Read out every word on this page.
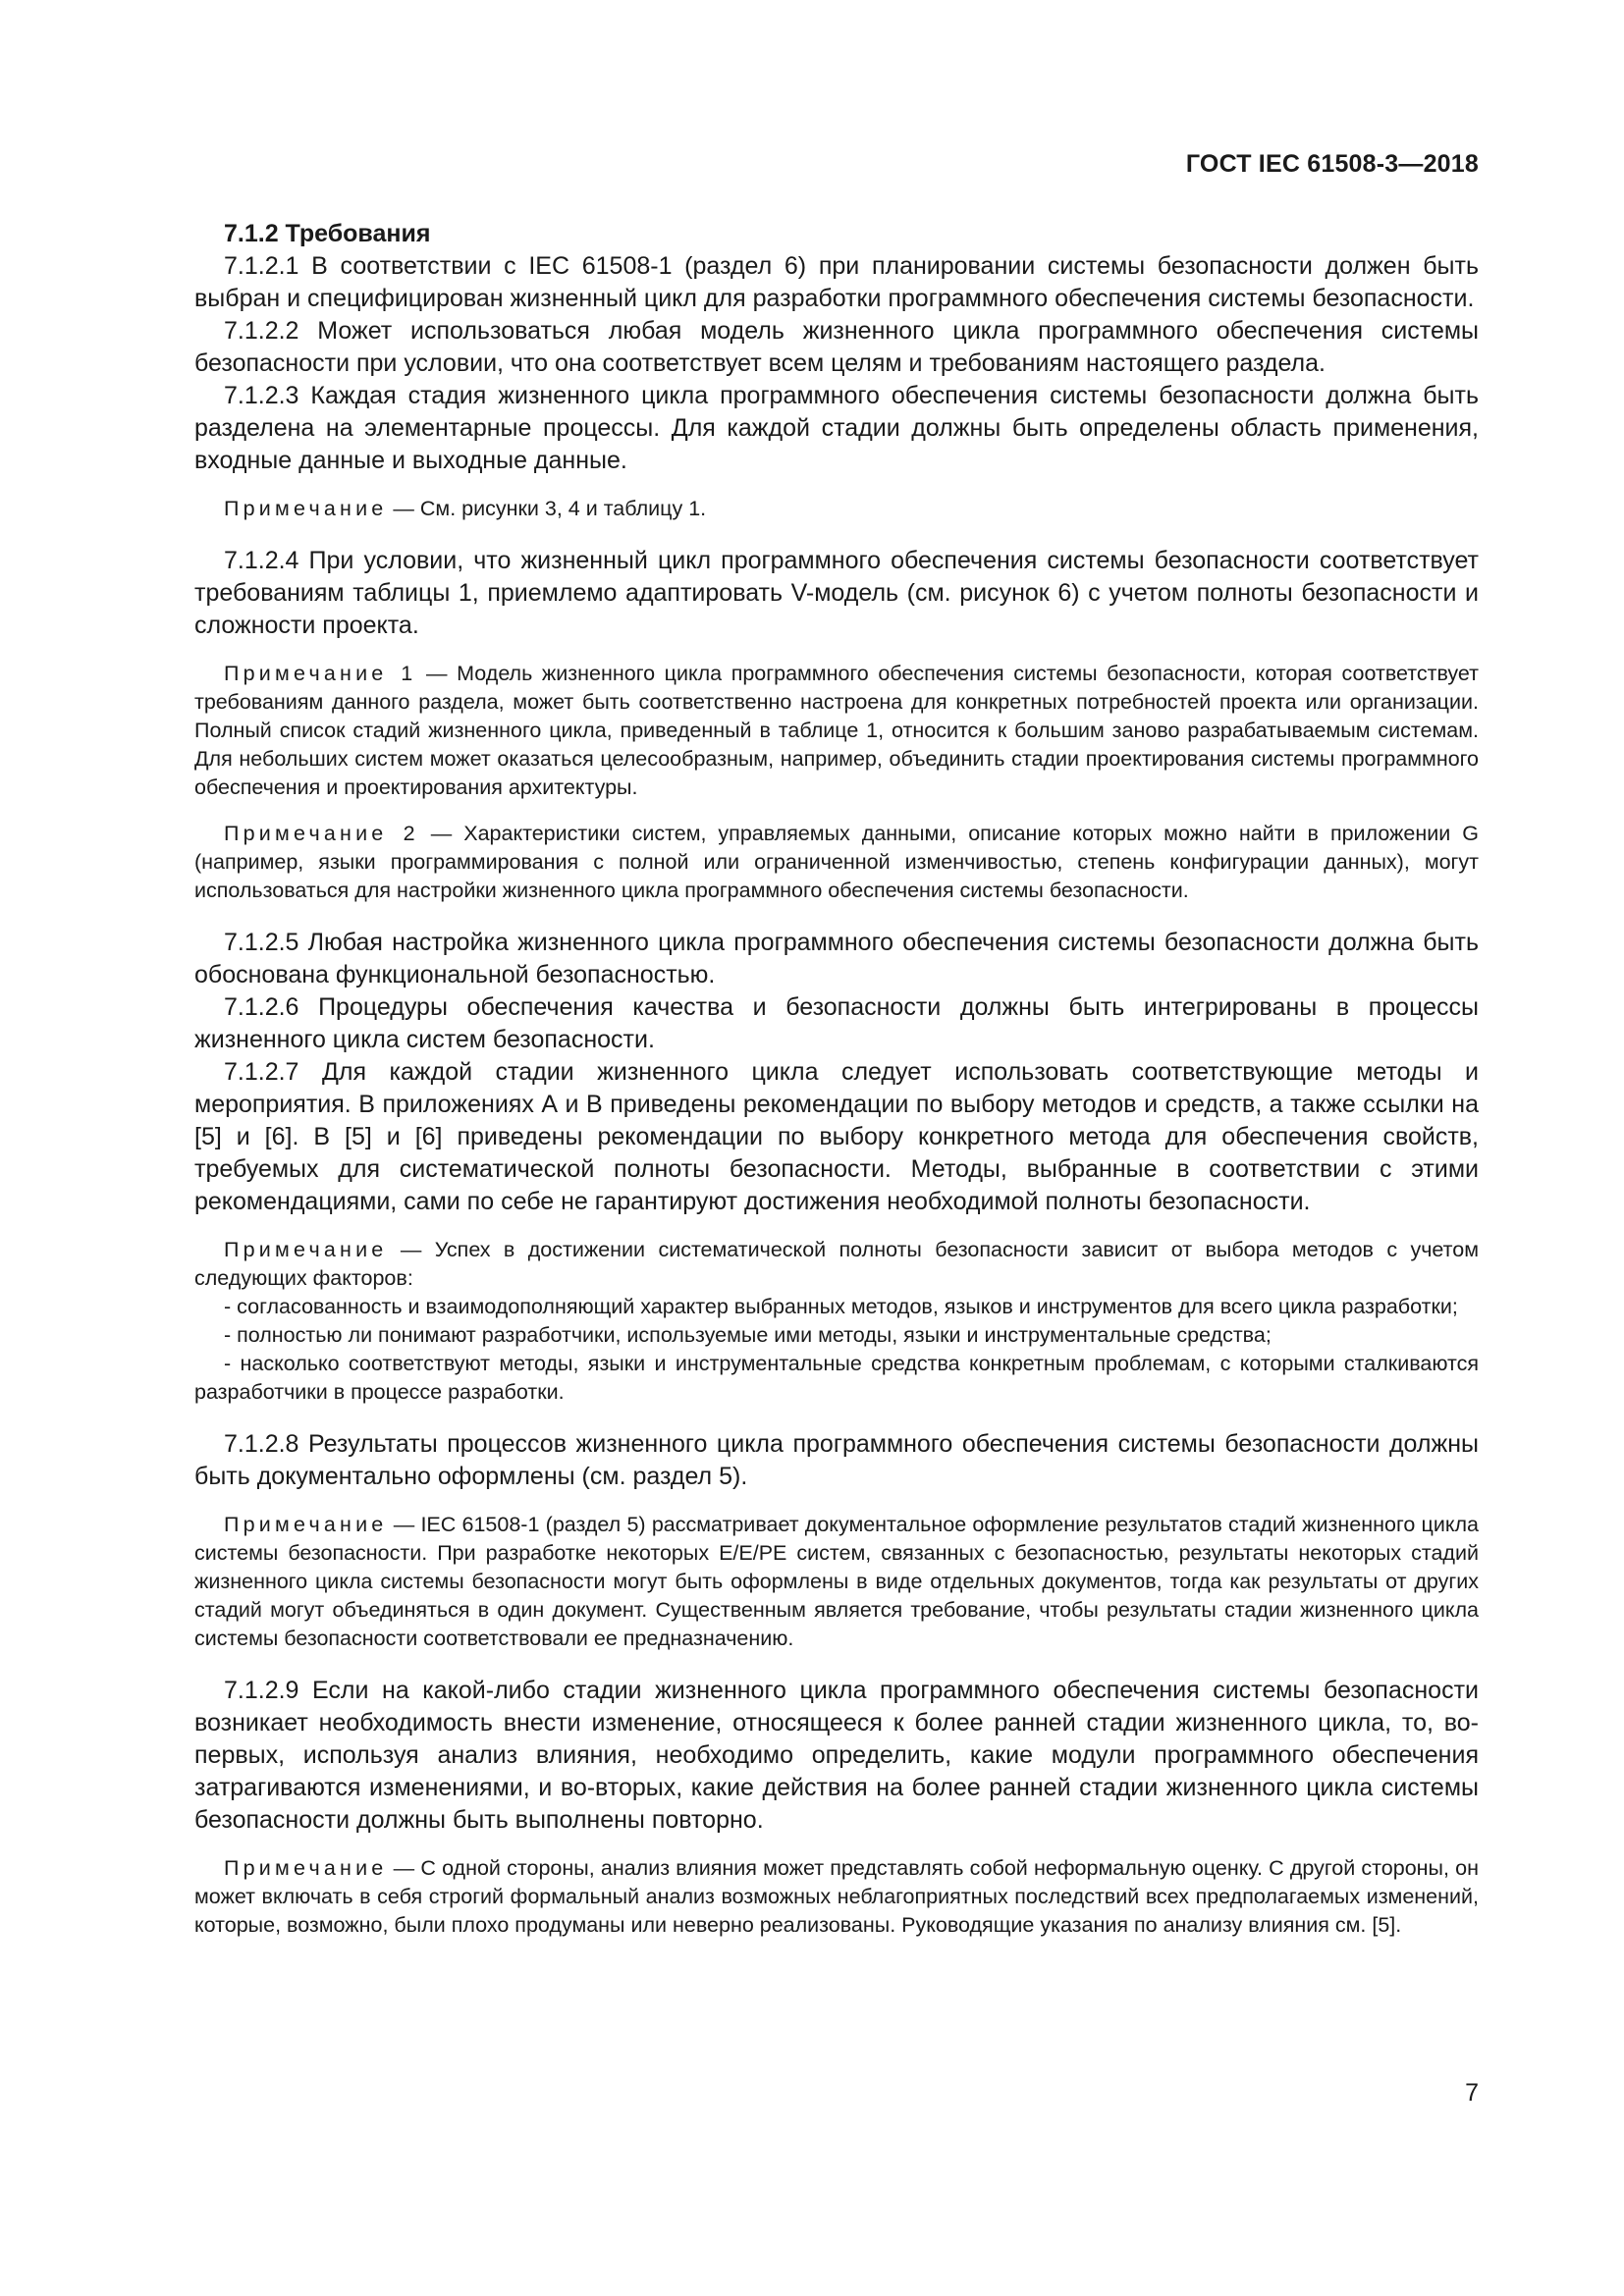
ГОСТ IEC 61508-3—2018

7.1.2 Требования

7.1.2.1 В соответствии с IEC 61508-1 (раздел 6) при планировании системы безопасности должен быть выбран и специфицирован жизненный цикл для разработки программного обеспечения системы безопасности.

7.1.2.2 Может использоваться любая модель жизненного цикла программного обеспечения системы безопасности при условии, что она соответствует всем целям и требованиям настоящего раздела.

7.1.2.3 Каждая стадия жизненного цикла программного обеспечения системы безопасности должна быть разделена на элементарные процессы. Для каждой стадии должны быть определены область применения, входные данные и выходные данные.

Примечание — См. рисунки 3, 4 и таблицу 1.

7.1.2.4 При условии, что жизненный цикл программного обеспечения системы безопасности соответствует требованиям таблицы 1, приемлемо адаптировать V-модель (см. рисунок 6) с учетом полноты безопасности и сложности проекта.

Примечание 1 — Модель жизненного цикла программного обеспечения системы безопасности, которая соответствует требованиям данного раздела, может быть соответственно настроена для конкретных потребностей проекта или организации. Полный список стадий жизненного цикла, приведенный в таблице 1, относится к большим заново разрабатываемым системам. Для небольших систем может оказаться целесообразным, например, объединить стадии проектирования системы программного обеспечения и проектирования архитектуры.

Примечание 2 — Характеристики систем, управляемых данными, описание которых можно найти в приложении G (например, языки программирования с полной или ограниченной изменчивостью, степень конфигурации данных), могут использоваться для настройки жизненного цикла программного обеспечения системы безопасности.

7.1.2.5 Любая настройка жизненного цикла программного обеспечения системы безопасности должна быть обоснована функциональной безопасностью.

7.1.2.6 Процедуры обеспечения качества и безопасности должны быть интегрированы в процессы жизненного цикла систем безопасности.

7.1.2.7 Для каждой стадии жизненного цикла следует использовать соответствующие методы и мероприятия. В приложениях А и В приведены рекомендации по выбору методов и средств, а также ссылки на [5] и [6]. В [5] и [6] приведены рекомендации по выбору конкретного метода для обеспечения свойств, требуемых для систематической полноты безопасности. Методы, выбранные в соответствии с этими рекомендациями, сами по себе не гарантируют достижения необходимой полноты безопасности.

Примечание — Успех в достижении систематической полноты безопасности зависит от выбора методов с учетом следующих факторов:

- согласованность и взаимодополняющий характер выбранных методов, языков и инструментов для всего цикла разработки;

- полностью ли понимают разработчики, используемые ими методы, языки и инструментальные средства;

- насколько соответствуют методы, языки и инструментальные средства конкретным проблемам, с которыми сталкиваются разработчики в процессе разработки.

7.1.2.8 Результаты процессов жизненного цикла программного обеспечения системы безопасности должны быть документально оформлены (см. раздел 5).

Примечание — IEC 61508-1 (раздел 5) рассматривает документальное оформление результатов стадий жизненного цикла системы безопасности. При разработке некоторых Е/Е/РЕ систем, связанных с безопасностью, результаты некоторых стадий жизненного цикла системы безопасности могут быть оформлены в виде отдельных документов, тогда как результаты от других стадий могут объединяться в один документ. Существенным является требование, чтобы результаты стадии жизненного цикла системы безопасности соответствовали ее предназначению.

7.1.2.9 Если на какой-либо стадии жизненного цикла программного обеспечения системы безопасности возникает необходимость внести изменение, относящееся к более ранней стадии жизненного цикла, то, во-первых, используя анализ влияния, необходимо определить, какие модули программного обеспечения затрагиваются изменениями, и во-вторых, какие действия на более ранней стадии жизненного цикла системы безопасности должны быть выполнены повторно.

Примечание — С одной стороны, анализ влияния может представлять собой неформальную оценку. С другой стороны, он может включать в себя строгий формальный анализ возможных неблагоприятных последствий всех предполагаемых изменений, которые, возможно, были плохо продуманы или неверно реализованы. Руководящие указания по анализу влияния см. [5].

7
